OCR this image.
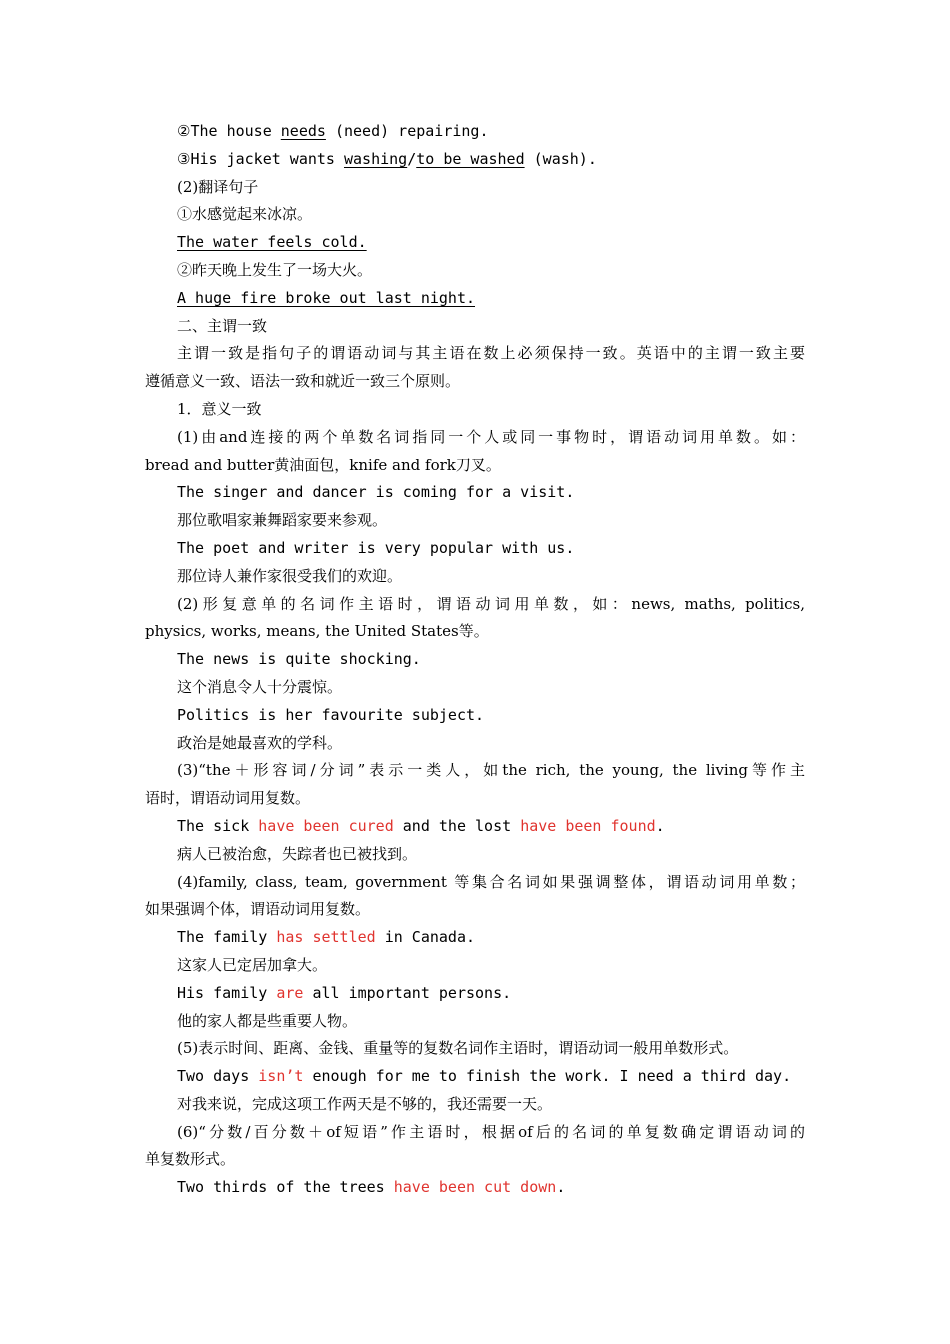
②The house needs (need) repairing.
③His jacket wants washing/to be washed (wash).
(2)翻译句子
①水感觉起来冰凉。
The water feels cold.
②昨天晚上发生了一场大火。
A huge fire broke out last night.
二、主谓一致
主谓一致是指句子的谓语动词与其主语在数上必须保持一致。英语中的主谓一致主要
遵循意义一致、语法一致和就近一致三个原则。
1．意义一致
(1)由and连接的两个单数名词指同一个人或同一事物时，谓语动词用单数。如：
bread and butter黄油面包，knife and fork刀叉。
The singer and dancer is coming for a visit.
那位歌唱家兼舞蹈家要来参观。
The poet and writer is very popular with us.
那位诗人兼作家很受我们的欢迎。
(2)形复意单的名词作主语时，谓语动词用单数，如：news, maths, politics,
physics, works, means, the United States等。
The news is quite shocking.
这个消息令人十分震惊。
Politics is her favourite subject.
政治是她最喜欢的学科。
(3)“the＋形容词/分词”表示一类人，如the rich, the young, the living等作主
语时，谓语动词用复数。
The sick have been cured and the lost have been found.
病人已被治愈，失踪者也已被找到。
(4)family, class, team, government 等集合名词如果强调整体，谓语动词用单数；
如果强调个体，谓语动词用复数。
The family has settled in Canada.
这家人已定居加拿大。
His family are all important persons.
他的家人都是些重要人物。
(5)表示时间、距离、金钱、重量等的复数名词作主语时，谓语动词一般用单数形式。
Two days isn’t enough for me to finish the work. I need a third day.
对我来说，完成这项工作两天是不够的，我还需要一天。
(6)“分数/百分数＋of短语”作主语时，根据of后的名词的单复数确定谓语动词的
单复数形式。
Two thirds of the trees have been cut down.
